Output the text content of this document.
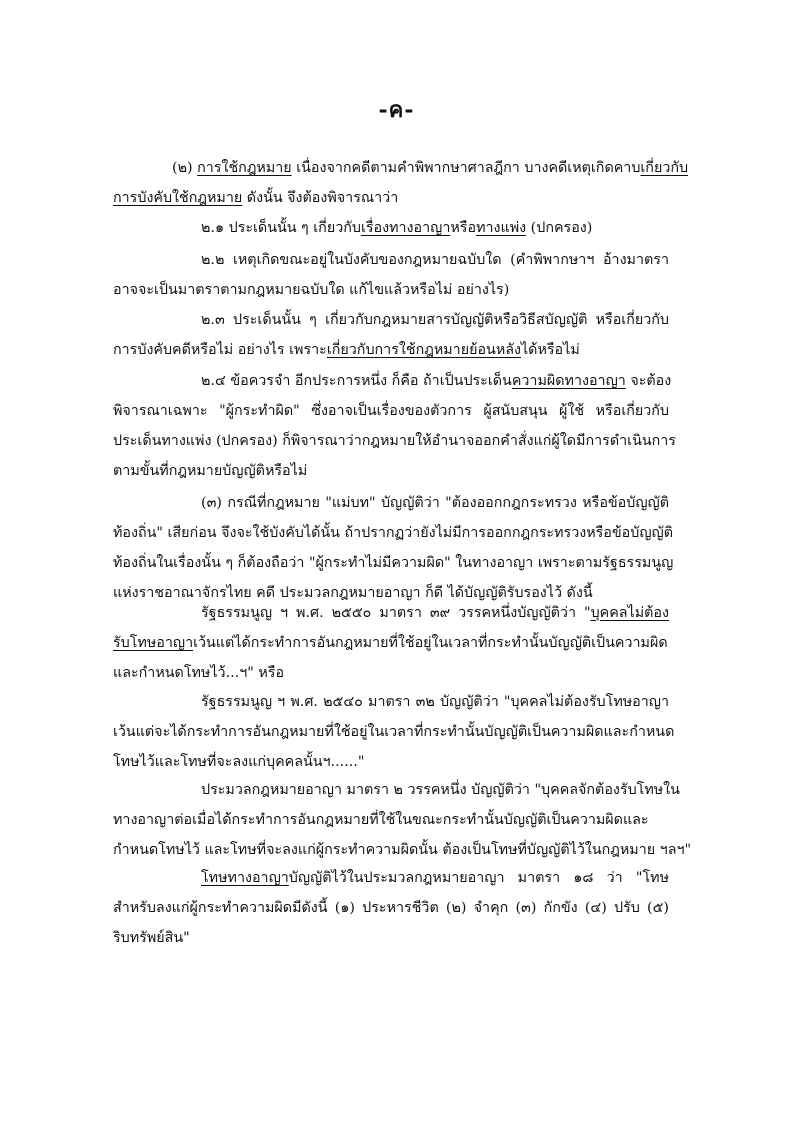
-ค-
(๒) การใช้กฎหมาย เนื่องจากคดีตามคำพิพากษาศาลฎีกา บางคดีเหตุเกิดคาบเกี่ยวกับ
การบังคับใช้กฎหมาย ดังนั้น จึงต้องพิจารณาว่า
๒.๑ ประเด็นนั้น ๆ เกี่ยวกับเรื่องทางอาญาหรือทางแพ่ง (ปกครอง)
๒.๒ เหตุเกิดขณะอยู่ในบังคับของกฎหมายฉบับใด (คำพิพากษาฯ อ้างมาตรา
อาจจะเป็นมาตราตามกฎหมายฉบับใด แก้ไขแล้วหรือไม่ อย่างไร)
๒.๓ ประเด็นนั้น ๆ เกี่ยวกับกฎหมายสารบัญญัติหรือวิธีสบัญญัติ หรือเกี่ยวกับ
การบังคับคดีหรือไม่ อย่างไร เพราะเกี่ยวกับการใช้กฎหมายย้อนหลังได้หรือไม่
๒.๔ ข้อควรจำ อีกประการหนึ่ง ก็คือ ถ้าเป็นประเด็นความผิดทางอาญา จะต้อง
พิจารณาเฉพาะ "ผู้กระทำผิด" ซึ่งอาจเป็นเรื่องของตัวการ ผู้สนับสนุน ผู้ใช้ หรือเกี่ยวกับ
ประเด็นทางแพ่ง (ปกครอง) ก็พิจารณาว่ากฎหมายให้อำนาจออกคำสั่งแก่ผู้ใดมีการดำเนินการ
ตามขั้นที่กฎหมายบัญญัติหรือไม่
(๓) กรณีที่กฎหมาย "แม่บท" บัญญัติว่า "ต้องออกกฎกระทรวง หรือข้อบัญญัติ
ท้องถิ่น" เสียก่อน จึงจะใช้บังคับได้นั้น ถ้าปรากฏว่ายังไม่มีการออกกฎกระทรวงหรือข้อบัญญัติ
ท้องถิ่นในเรื่องนั้น ๆ ก็ต้องถือว่า "ผู้กระทำไม่มีความผิด" ในทางอาญา เพราะตามรัฐธรรมนูญ
แห่งราชอาณาจักรไทย คดี ประมวลกฎหมายอาญา ก็ดี ได้บัญญัติรับรองไว้ ดังนี้
รัฐธรรมนูญ ฯ พ.ศ. ๒๕๕๐ มาตรา ๓๙ วรรคหนึ่งบัญญัติว่า "บุคคลไม่ต้อง
รับโทษอาญาเว้นแต่ได้กระทำการอันกฎหมายที่ใช้อยู่ในเวลาที่กระทำนั้นบัญญัติเป็นความผิด
และกำหนดโทษไว้...ฯ" หรือ
รัฐธรรมนูญ ฯ พ.ศ. ๒๕๔๐ มาตรา ๓๒ บัญญัติว่า "บุคคลไม่ต้องรับโทษอาญา
เว้นแต่จะได้กระทำการอันกฎหมายที่ใช้อยู่ในเวลาที่กระทำนั้นบัญญัติเป็นความผิดและกำหนด
โทษไว้และโทษที่จะลงแก่บุคคลนั้นฯ......"
ประมวลกฎหมายอาญา มาตรา ๒ วรรคหนึ่ง บัญญัติว่า "บุคคลจักต้องรับโทษใน
ทางอาญาต่อเมื่อได้กระทำการอันกฎหมายที่ใช้ในขณะกระทำนั้นบัญญัติเป็นความผิดและ
กำหนดโทษไว้ และโทษที่จะลงแก่ผู้กระทำความผิดนั้น ต้องเป็นโทษที่บัญญัติไว้ในกฎหมาย ฯลฯ"
โทษทางอาญาบัญญัติไว้ในประมวลกฎหมายอาญา มาตรา ๑๘ ว่า "โทษ
สำหรับลงแก่ผู้กระทำความผิดมีดังนี้ (๑) ประหารชีวิต (๒) จำคุก (๓) กักขัง (๔) ปรับ (๕)
ริบทรัพย์สิน"
